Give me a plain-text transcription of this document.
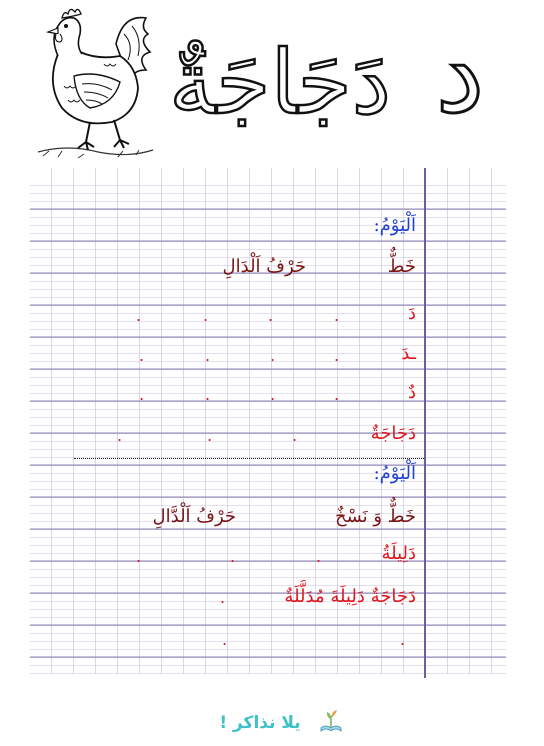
دَجَاجَةٌ د
اَلْيَوْمُ:
خَطٌّ
حَرْفُ اَلْدَالِ
دَ
.	.	.	.
ـدَ
.	.	.	.
دٌ
.	.	.	.
دَجَاجَةٌ
.	.	.
اَلْيَوْمُ:
خَطٌّ وَ نَسْخٌ
حَرْفُ اَلْدَّالِ
دَلِيلَةُ
.	.	.
دَجَاجَةٌ دَلِيلَةَ مُدَلَّلَةٌ
.
.	.
يلا نذاكر !
